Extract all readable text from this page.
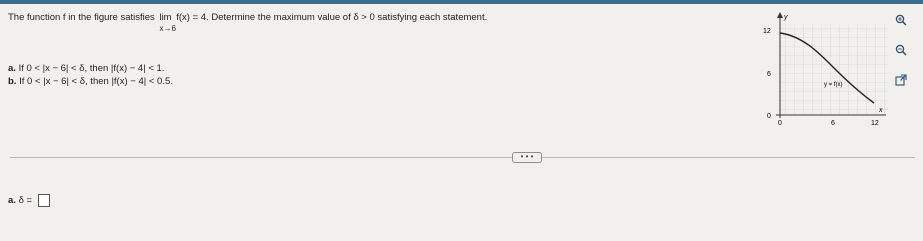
The function f in the figure satisfies lim
x→6
f(x) = 4. Determine the maximum value of δ > 0 satisfying each statement.
a. If 0 < |x − 6| < δ, then |f(x) − 4| < 1.
b. If 0 < |x − 6| < δ, then |f(x) − 4| < 0.5.
y
x
12
6
0
0	6	12
y = f(x)
• • •
a. δ =
